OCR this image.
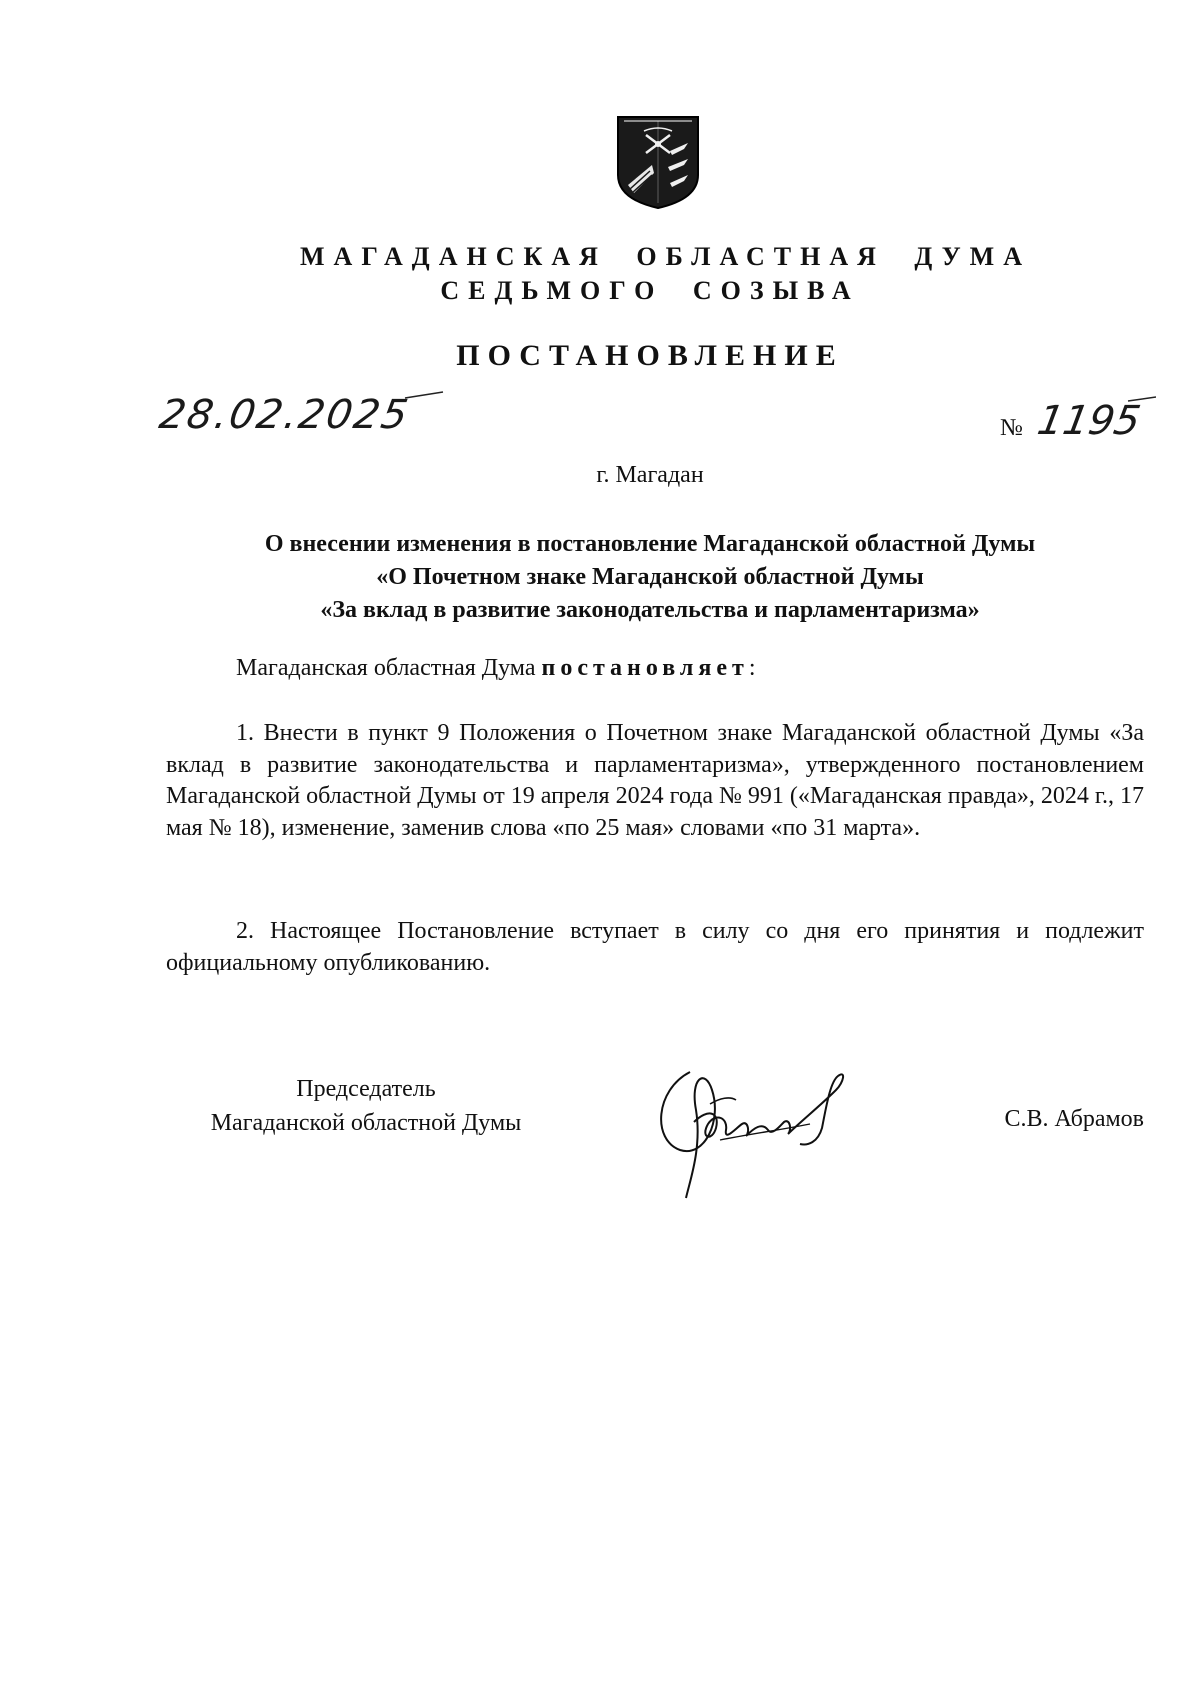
МАГАДАНСКАЯ ОБЛАСТНАЯ ДУМА
СЕДЬМОГО СОЗЫВА
ПОСТАНОВЛЕНИЕ
28.02.2025	№ 1195
г. Магадан
О внесении изменения в постановление Магаданской областной Думы
«О Почетном знаке Магаданской областной Думы
«За вклад в развитие законодательства и парламентаризма»
Магаданская областная Дума постановляет:
1. Внести в пункт 9 Положения о Почетном знаке Магаданской областной Думы «За вклад в развитие законодательства и парламентаризма», утвержденного постановлением Магаданской областной Думы от 19 апреля 2024 года № 991 («Магаданская правда», 2024 г., 17 мая № 18), изменение, заменив слова «по 25 мая» словами «по 31 марта».
2. Настоящее Постановление вступает в силу со дня его принятия и подлежит официальному опубликованию.
Председатель
Магаданской областной Думы	С.В. Абрамов
